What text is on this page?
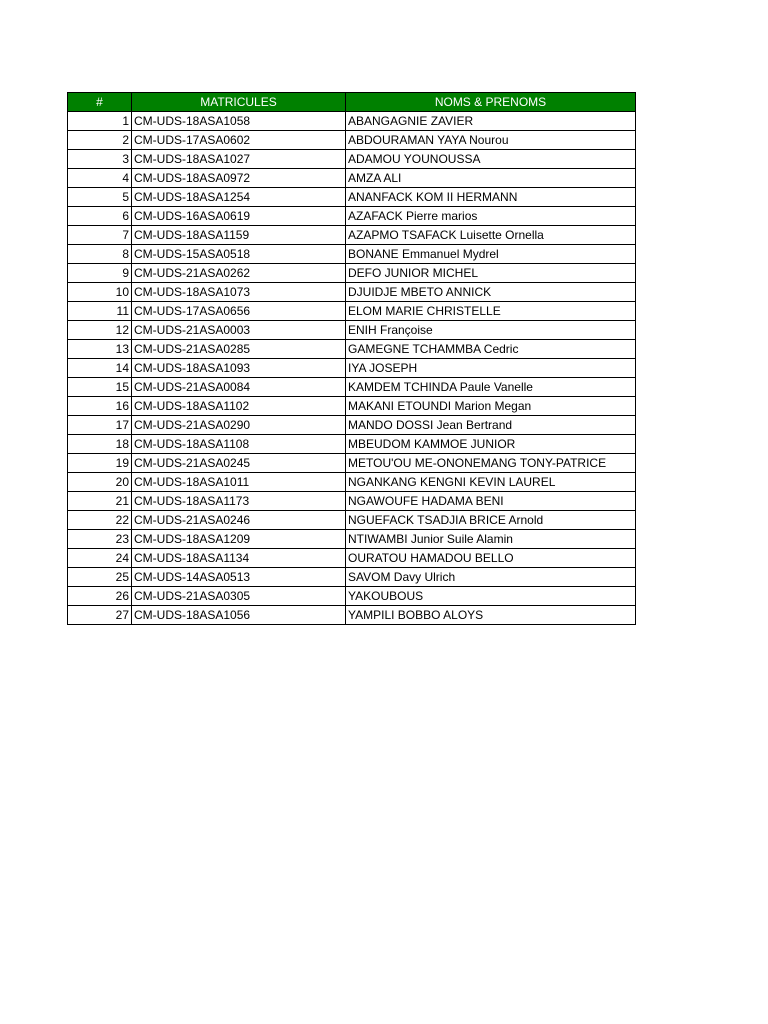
#	MATRICULES	NOMS & PRENOMS
1	CM-UDS-18ASA1058	ABANGAGNIE ZAVIER
2	CM-UDS-17ASA0602	ABDOURAMAN YAYA Nourou
3	CM-UDS-18ASA1027	ADAMOU YOUNOUSSA
4	CM-UDS-18ASA0972	AMZA ALI
5	CM-UDS-18ASA1254	ANANFACK KOM II HERMANN
6	CM-UDS-16ASA0619	AZAFACK Pierre marios
7	CM-UDS-18ASA1159	AZAPMO TSAFACK Luisette Ornella
8	CM-UDS-15ASA0518	BONANE Emmanuel Mydrel
9	CM-UDS-21ASA0262	DEFO JUNIOR MICHEL
10	CM-UDS-18ASA1073	DJUIDJE MBETO ANNICK
11	CM-UDS-17ASA0656	ELOM MARIE CHRISTELLE
12	CM-UDS-21ASA0003	ENIH Françoise
13	CM-UDS-21ASA0285	GAMEGNE TCHAMMBA Cedric
14	CM-UDS-18ASA1093	IYA JOSEPH
15	CM-UDS-21ASA0084	KAMDEM TCHINDA Paule Vanelle
16	CM-UDS-18ASA1102	MAKANI ETOUNDI Marion Megan
17	CM-UDS-21ASA0290	MANDO DOSSI Jean Bertrand
18	CM-UDS-18ASA1108	MBEUDOM KAMMOE JUNIOR
19	CM-UDS-21ASA0245	METOU'OU ME-ONONEMANG TONY-PATRICE
20	CM-UDS-18ASA1011	NGANKANG KENGNI KEVIN LAUREL
21	CM-UDS-18ASA1173	NGAWOUFE HADAMA BENI
22	CM-UDS-21ASA0246	NGUEFACK TSADJIA BRICE Arnold
23	CM-UDS-18ASA1209	NTIWAMBI Junior Suile Alamin
24	CM-UDS-18ASA1134	OURATOU HAMADOU BELLO
25	CM-UDS-14ASA0513	SAVOM Davy Ulrich
26	CM-UDS-21ASA0305	YAKOUBOUS
27	CM-UDS-18ASA1056	YAMPILI BOBBO ALOYS
